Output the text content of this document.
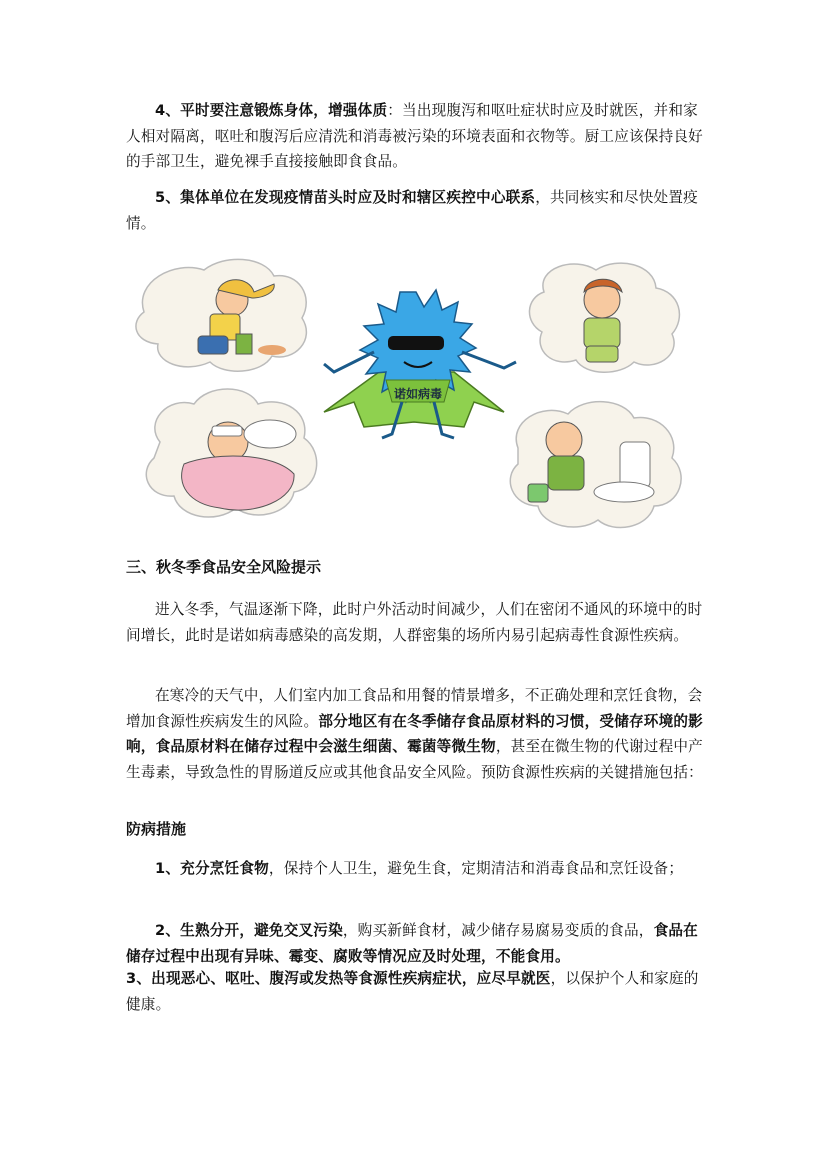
4、平时要注意锻炼身体，增强体质：当出现腹泻和呕吐症状时应及时就医，并和家人相对隔离，呕吐和腹泻后应清洗和消毒被污染的环境表面和衣物等。厨工应该保持良好的手部卫生，避免裸手直接接触即食食品。

5、集体单位在发现疫情苗头时应及时和辖区疾控中心联系，共同核实和尽快处置疫情。

诺如病毒

三、秋冬季食品安全风险提示

进入冬季，气温逐渐下降，此时户外活动时间减少，人们在密闭不通风的环境中的时间增长，此时是诺如病毒感染的高发期，人群密集的场所内易引起病毒性食源性疾病。

在寒冷的天气中，人们室内加工食品和用餐的情景增多，不正确处理和烹饪食物，会增加食源性疾病发生的风险。部分地区有在冬季储存食品原材料的习惯，受储存环境的影响，食品原材料在储存过程中会滋生细菌、霉菌等微生物，甚至在微生物的代谢过程中产生毒素，导致急性的胃肠道反应或其他食品安全风险。预防食源性疾病的关键措施包括：

防病措施

1、充分烹饪食物，保持个人卫生，避免生食，定期清洁和消毒食品和烹饪设备；

2、生熟分开，避免交叉污染，购买新鲜食材，减少储存易腐易变质的食品，食品在储存过程中出现有异味、霉变、腐败等情况应及时处理，不能食用。

3、出现恶心、呕吐、腹泻或发热等食源性疾病症状，应尽早就医，以保护个人和家庭的健康。
